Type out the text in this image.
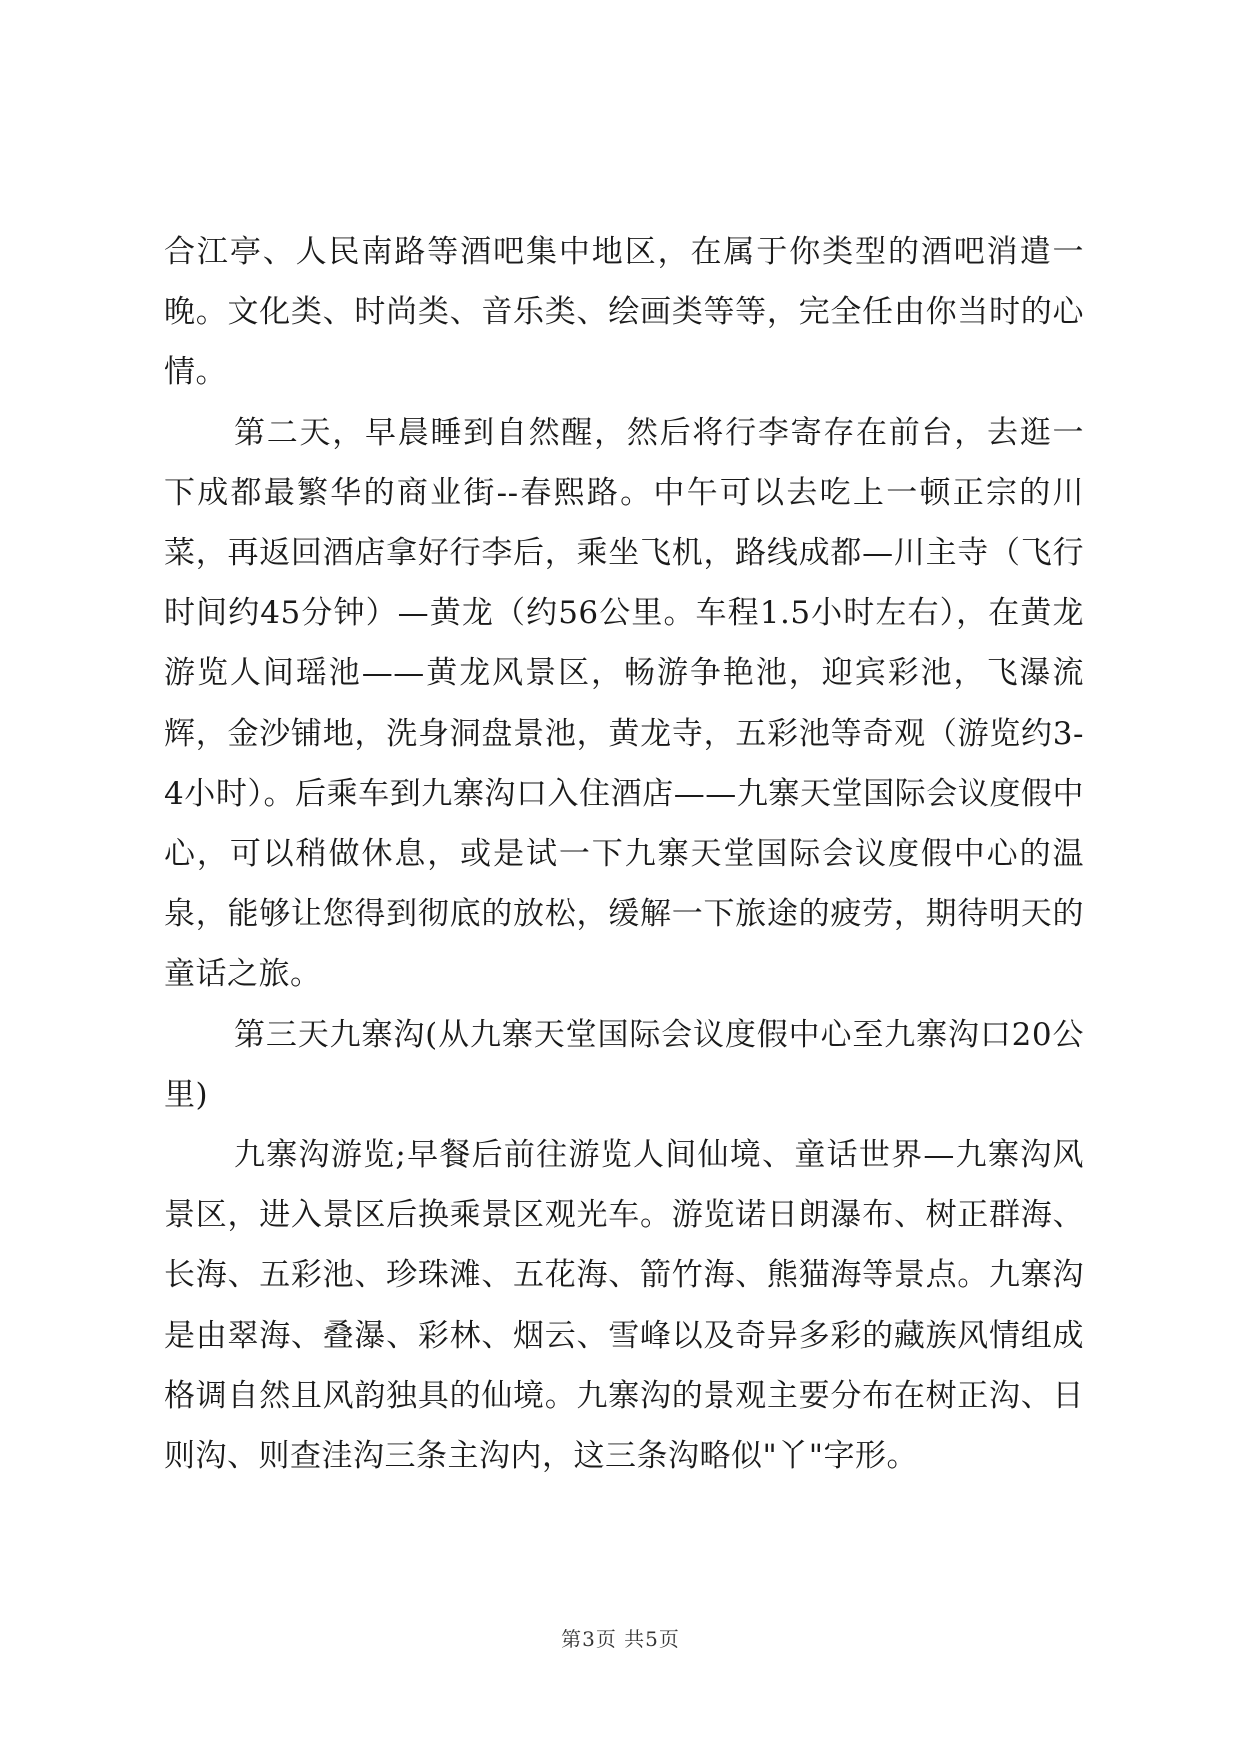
合江亭、人民南路等酒吧集中地区，在属于你类型的酒吧消遣一晚。文化类、时尚类、音乐类、绘画类等等，完全任由你当时的心情。

第二天，早晨睡到自然醒，然后将行李寄存在前台，去逛一下成都最繁华的商业街--春熙路。中午可以去吃上一顿正宗的川菜，再返回酒店拿好行李后，乘坐飞机，路线成都—川主寺（飞行时间约45分钟）—黄龙（约56公里。车程1.5小时左右），在黄龙游览人间瑶池——黄龙风景区，畅游争艳池，迎宾彩池，飞瀑流辉，金沙铺地，洗身洞盘景池，黄龙寺，五彩池等奇观（游览约3-4小时）。后乘车到九寨沟口入住酒店——九寨天堂国际会议度假中心，可以稍做休息，或是试一下九寨天堂国际会议度假中心的温泉，能够让您得到彻底的放松，缓解一下旅途的疲劳，期待明天的童话之旅。

第三天九寨沟(从九寨天堂国际会议度假中心至九寨沟口20公里)

九寨沟游览;早餐后前往游览人间仙境、童话世界—九寨沟风景区，进入景区后换乘景区观光车。游览诺日朗瀑布、树正群海、长海、五彩池、珍珠滩、五花海、箭竹海、熊猫海等景点。九寨沟是由翠海、叠瀑、彩林、烟云、雪峰以及奇异多彩的藏族风情组成格调自然且风韵独具的仙境。九寨沟的景观主要分布在树正沟、日则沟、则查洼沟三条主沟内，这三条沟略似"丫"字形。

第3页 共5页
